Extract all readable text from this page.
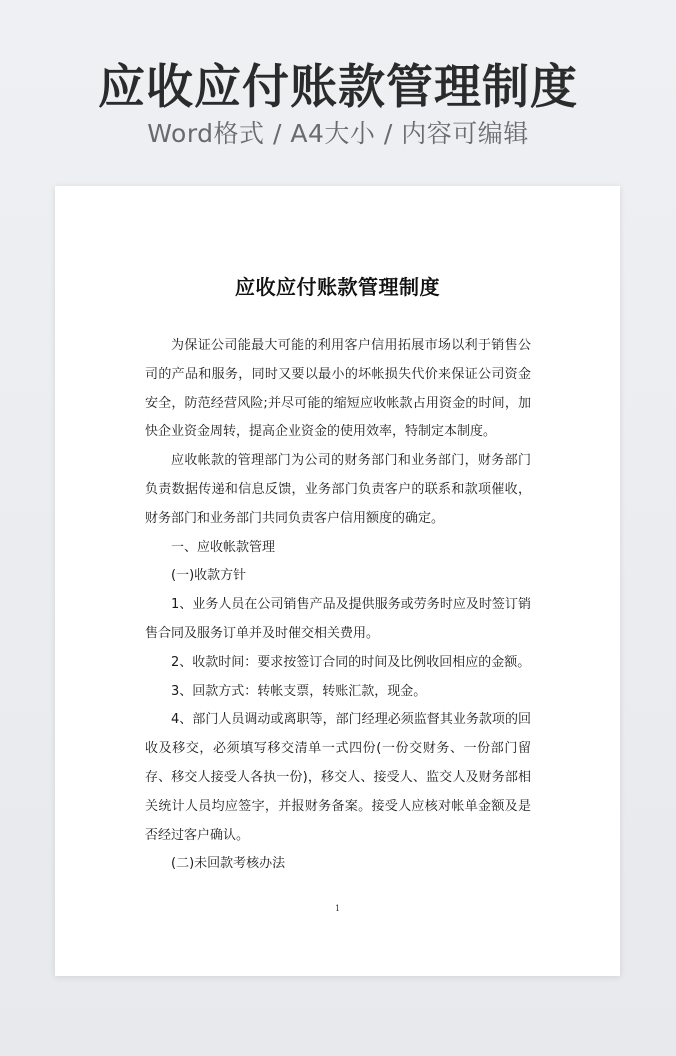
应收应付账款管理制度
Word格式 / A4大小 / 内容可编辑
应收应付账款管理制度

为保证公司能最大可能的利用客户信用拓展市场以利于销售公司的产品和服务，同时又要以最小的坏帐损失代价来保证公司资金安全，防范经营风险;并尽可能的缩短应收帐款占用资金的时间，加快企业资金周转，提高企业资金的使用效率，特制定本制度。

应收帐款的管理部门为公司的财务部门和业务部门，财务部门负责数据传递和信息反馈，业务部门负责客户的联系和款项催收，财务部门和业务部门共同负责客户信用额度的确定。

一、应收帐款管理

(一)收款方针

1、业务人员在公司销售产品及提供服务或劳务时应及时签订销售合同及服务订单并及时催交相关费用。

2、收款时间：要求按签订合同的时间及比例收回相应的金额。

3、回款方式：转帐支票，转账汇款，现金。

4、部门人员调动或离职等，部门经理必须监督其业务款项的回收及移交，必须填写移交清单一式四份(一份交财务、一份部门留存、移交人接受人各执一份)，移交人、接受人、监交人及财务部相关统计人员均应签字，并报财务备案。接受人应核对帐单金额及是否经过客户确认。

(二)未回款考核办法

1
